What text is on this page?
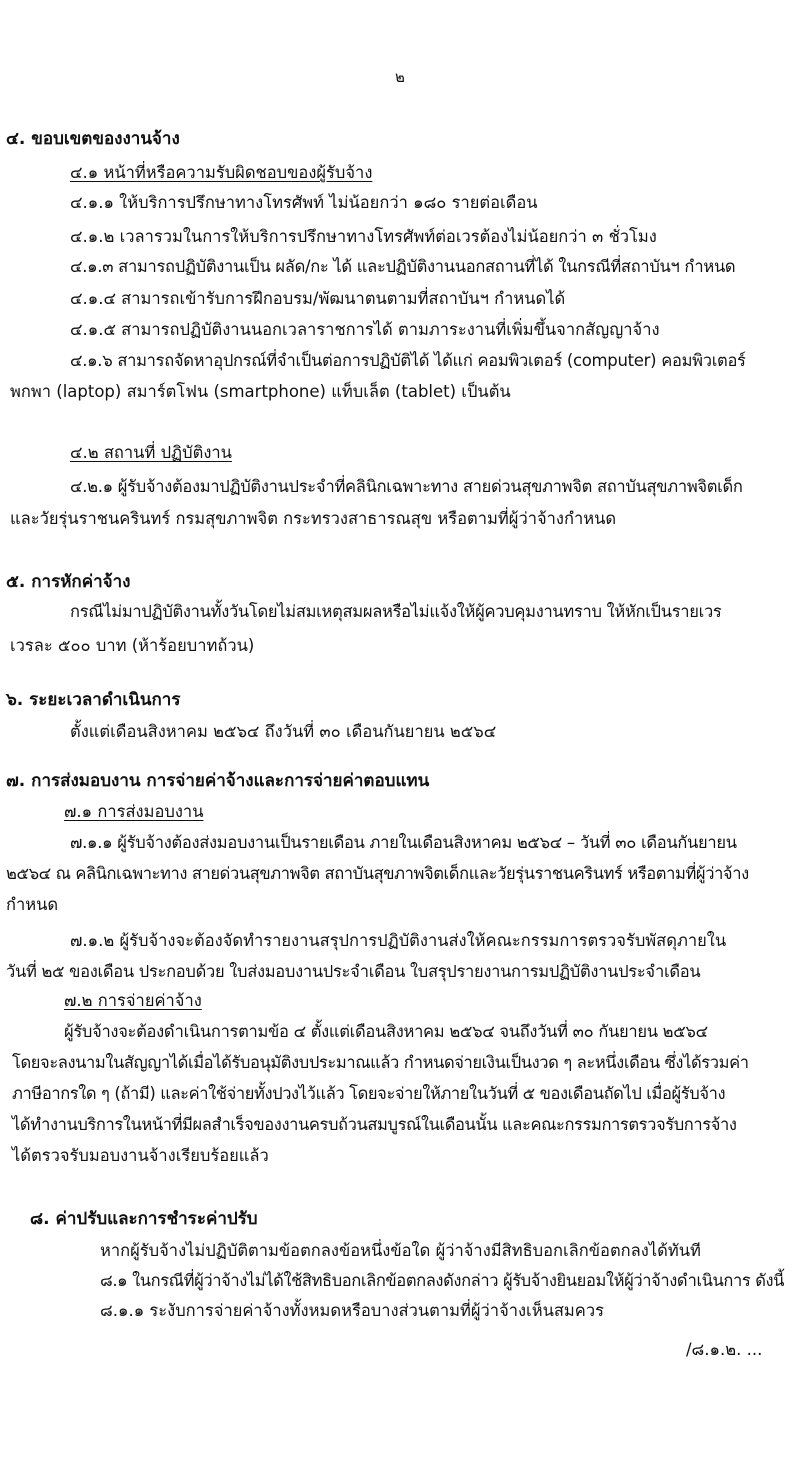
๒
๔. ขอบเขตของงานจ้าง
๔.๑ หน้าที่หรือความรับผิดชอบของผู้รับจ้าง
๔.๑.๑ ให้บริการปรึกษาทางโทรศัพท์ ไม่น้อยกว่า ๑๘๐ รายต่อเดือน
๔.๑.๒ เวลารวมในการให้บริการปรึกษาทางโทรศัพท์ต่อเวรต้องไม่น้อยกว่า ๓ ชั่วโมง
๔.๑.๓ สามารถปฏิบัติงานเป็น ผลัด/กะ ได้ และปฏิบัติงานนอกสถานที่ได้ ในกรณีที่สถาบันฯ กำหนด
๔.๑.๔ สามารถเข้ารับการฝึกอบรม/พัฒนาตนตามที่สถาบันฯ กำหนดได้
๔.๑.๕ สามารถปฏิบัติงานนอกเวลาราชการได้ ตามภาระงานที่เพิ่มขึ้นจากสัญญาจ้าง
๔.๑.๖ สามารถจัดหาอุปกรณ์ที่จำเป็นต่อการปฏิบัติได้ ได้แก่ คอมพิวเตอร์ (computer) คอมพิวเตอร์
พกพา (laptop) สมาร์ตโฟน (smartphone) แท็บเล็ต (tablet) เป็นต้น
๔.๒ สถานที่ ปฏิบัติงาน
๔.๒.๑ ผู้รับจ้างต้องมาปฏิบัติงานประจำที่คลินิกเฉพาะทาง สายด่วนสุขภาพจิต สถาบันสุขภาพจิตเด็ก
และวัยรุ่นราชนครินทร์ กรมสุขภาพจิต กระทรวงสาธารณสุข หรือตามที่ผู้ว่าจ้างกำหนด
๕. การหักค่าจ้าง
กรณีไม่มาปฏิบัติงานทั้งวันโดยไม่สมเหตุสมผลหรือไม่แจ้งให้ผู้ควบคุมงานทราบ ให้หักเป็นรายเวร
เวรละ ๕๐๐ บาท (ห้าร้อยบาทถ้วน)
๖. ระยะเวลาดำเนินการ
ตั้งแต่เดือนสิงหาคม ๒๕๖๔ ถึงวันที่ ๓๐ เดือนกันยายน ๒๕๖๔
๗. การส่งมอบงาน การจ่ายค่าจ้างและการจ่ายค่าตอบแทน
๗.๑ การส่งมอบงาน
๗.๑.๑ ผู้รับจ้างต้องส่งมอบงานเป็นรายเดือน ภายในเดือนสิงหาคม ๒๕๖๔ – วันที่ ๓๐ เดือนกันยายน
๒๕๖๔ ณ คลินิกเฉพาะทาง สายด่วนสุขภาพจิต สถาบันสุขภาพจิตเด็กและวัยรุ่นราชนครินทร์ หรือตามที่ผู้ว่าจ้าง
กำหนด
๗.๑.๒ ผู้รับจ้างจะต้องจัดทำรายงานสรุปการปฏิบัติงานส่งให้คณะกรรมการตรวจรับพัสดุภายใน
วันที่ ๒๕ ของเดือน ประกอบด้วย ใบส่งมอบงานประจำเดือน ใบสรุปรายงานการมปฏิบัติงานประจำเดือน
๗.๒ การจ่ายค่าจ้าง
ผู้รับจ้างจะต้องดำเนินการตามข้อ ๔ ตั้งแต่เดือนสิงหาคม ๒๕๖๔ จนถึงวันที่ ๓๐ กันยายน ๒๕๖๔
โดยจะลงนามในสัญญาได้เมื่อได้รับอนุมัติงบประมาณแล้ว กำหนดจ่ายเงินเป็นงวด ๆ ละหนึ่งเดือน ซึ่งได้รวมค่า
ภาษีอากรใด ๆ (ถ้ามี) และค่าใช้จ่ายทั้งปวงไว้แล้ว โดยจะจ่ายให้ภายในวันที่ ๕ ของเดือนถัดไป เมื่อผู้รับจ้าง
ได้ทำงานบริการในหน้าที่มีผลสำเร็จของงานครบถ้วนสมบูรณ์ในเดือนนั้น และคณะกรรมการตรวจรับการจ้าง
ได้ตรวจรับมอบงานจ้างเรียบร้อยแล้ว
๘. ค่าปรับและการชำระค่าปรับ
หากผู้รับจ้างไม่ปฏิบัติตามข้อตกลงข้อหนึ่งข้อใด ผู้ว่าจ้างมีสิทธิบอกเลิกข้อตกลงได้ทันที
๘.๑ ในกรณีที่ผู้ว่าจ้างไม่ได้ใช้สิทธิบอกเลิกข้อตกลงดังกล่าว ผู้รับจ้างยินยอมให้ผู้ว่าจ้างดำเนินการ ดังนี้
๘.๑.๑ ระงับการจ่ายค่าจ้างทั้งหมดหรือบางส่วนตามที่ผู้ว่าจ้างเห็นสมควร
/๘.๑.๒. ...
